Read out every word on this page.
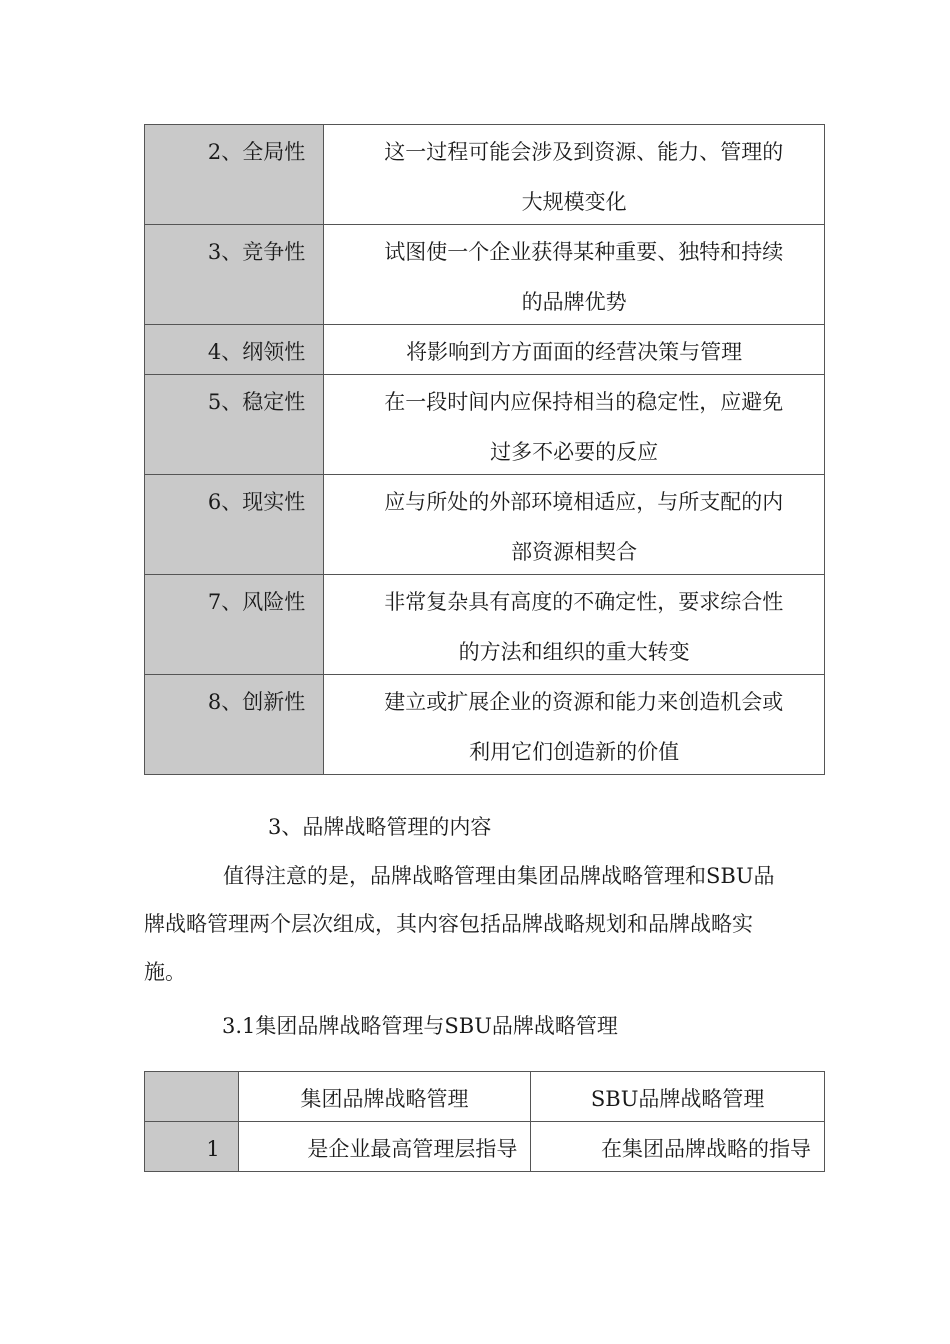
2、全局性	这一过程可能会涉及到资源、能力、管理的
大规模变化

3、竞争性	试图使一个企业获得某种重要、独特和持续
的品牌优势

4、纲领性	将影响到方方面面的经营决策与管理

5、稳定性	在一段时间内应保持相当的稳定性，应避免
过多不必要的反应

6、现实性	应与所处的外部环境相适应，与所支配的内
部资源相契合

7、风险性	非常复杂具有高度的不确定性，要求综合性
的方法和组织的重大转变

8、创新性	建立或扩展企业的资源和能力来创造机会或
利用它们创造新的价值
3、品牌战略管理的内容
值得注意的是，品牌战略管理由集团品牌战略管理和SBU品
牌战略管理两个层次组成，其内容包括品牌战略规划和品牌战略实
施。
3.1集团品牌战略管理与SBU品牌战略管理
	集团品牌战略管理	SBU品牌战略管理
1	是企业最高管理层指导	在集团品牌战略的指导
